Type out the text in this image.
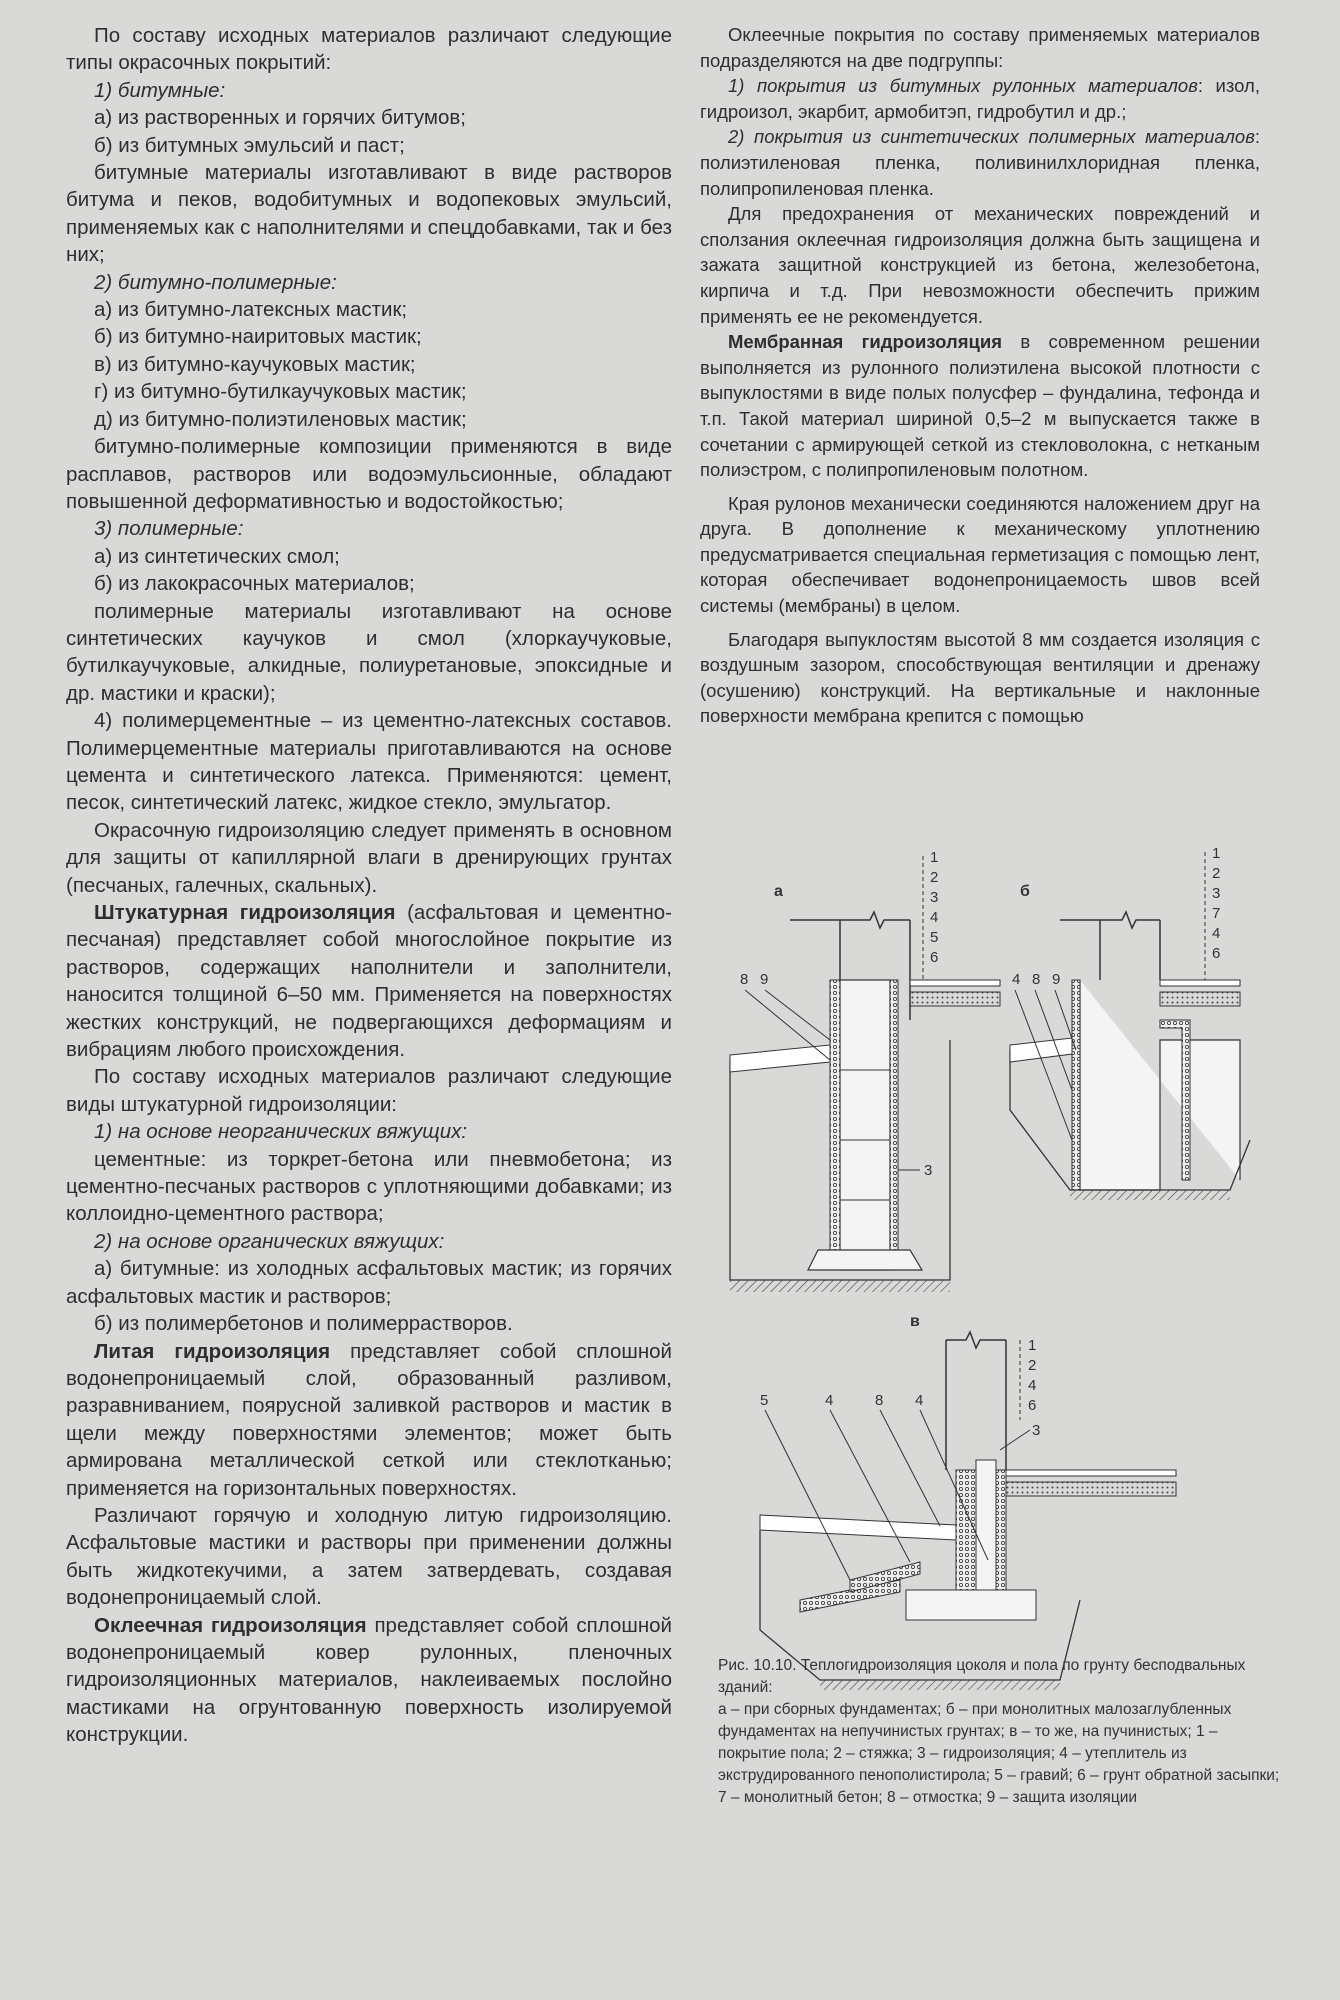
По составу исходных материалов различают следующие типы окрасочных покрытий:

1) битумные:

а) из растворенных и горячих битумов;

б) из битумных эмульсий и паст;

битумные материалы изготавливают в виде растворов битума и пеков, водобитумных и водопековых эмульсий, применяемых как с наполнителями и спецдобавками, так и без них;

2) битумно-полимерные:

а) из битумно-латексных мастик;

б) из битумно-наиритовых мастик;

в) из битумно-каучуковых мастик;

г) из битумно-бутилкаучуковых мастик;

д) из битумно-полиэтиленовых мастик;

битумно-полимерные композиции применяются в виде расплавов, растворов или водоэмульсионные, обладают повышенной деформативностью и водостойкостью;

3) полимерные:

а) из синтетических смол;

б) из лакокрасочных материалов;

полимерные материалы изготавливают на основе синтетических каучуков и смол (хлоркаучуковые, бутилкаучуковые, алкидные, полиуретановые, эпоксидные и др. мастики и краски);

4) полимерцементные – из цементно-латексных составов. Полимерцементные материалы приготавливаются на основе цемента и синтетического латекса. Применяются: цемент, песок, синтетический латекс, жидкое стекло, эмульгатор.

Окрасочную гидроизоляцию следует применять в основном для защиты от капиллярной влаги в дренирующих грунтах (песчаных, галечных, скальных).

Штукатурная гидроизоляция (асфальтовая и цементно-песчаная) представляет собой многослойное покрытие из растворов, содержащих наполнители и заполнители, наносится толщиной 6–50 мм. Применяется на поверхностях жестких конструкций, не подвергающихся деформациям и вибрациям любого происхождения.

По составу исходных материалов различают следующие виды штукатурной гидроизоляции:

1) на основе неорганических вяжущих:

цементные: из торкрет-бетона или пневмобетона; из цементно-песчаных растворов с уплотняющими добавками; из коллоидно-цементного раствора;

2) на основе органических вяжущих:

а) битумные: из холодных асфальтовых мастик; из горячих асфальтовых мастик и растворов;

б) из полимербетонов и полимеррастворов.

Литая гидроизоляция представляет собой сплошной водонепроницаемый слой, образованный разливом, разравниванием, поярусной заливкой растворов и мастик в щели между поверхностями элементов; может быть армирована металлической сеткой или стеклотканью; применяется на горизонтальных поверхностях.

Различают горячую и холодную литую гидроизоляцию. Асфальтовые мастики и растворы при применении должны быть жидкотекучими, а затем затвердевать, создавая водонепроницаемый слой.

Оклеечная гидроизоляция представляет собой сплошной водонепроницаемый ковер рулонных, пленочных гидроизоляционных материалов, наклеиваемых послойно мастиками на огрунтованную поверхность изолируемой конструкции.

Оклеечные покрытия по составу применяемых материалов подразделяются на две подгруппы:

1) покрытия из битумных рулонных материалов: изол, гидроизол, экарбит, армобитэп, гидробутил и др.;

2) покрытия из синтетических полимерных материалов: полиэтиленовая пленка, поливинилхлоридная пленка, полипропиленовая пленка.

Для предохранения от механических повреждений и сползания оклеечная гидроизоляция должна быть защищена и зажата защитной конструкцией из бетона, железобетона, кирпича и т.д. При невозможности обеспечить прижим применять ее не рекомендуется.

Мембранная гидроизоляция в современном решении выполняется из рулонного полиэтилена высокой плотности с выпуклостями в виде полых полусфер – фундалина, тефонда и т.п. Такой материал шириной 0,5–2 м выпускается также в сочетании с армирующей сеткой из стекловолокна, с нетканым полиэстром, с полипропиленовым полотном.

Края рулонов механически соединяются наложением друг на друга. В дополнение к механическому уплотнению предусматривается специальная герметизация с помощью лент, которая обеспечивает водонепроницаемость швов всей системы (мембраны) в целом.

Благодаря выпуклостям высотой 8 мм создается изоляция с воздушным зазором, способствующая вентиляции и дренажу (осушению) конструкций. На вертикальные и наклонные поверхности мембрана крепится с помощью

а
1
2
3
4
5
6
8 9
3
б
1
2
3
7
4
6
4 8 9
в
1
2
4
6
5	4	8 4
3

Рис. 10.10. Теплогидроизоляция цоколя и пола по грунту бесподвальных зданий:

а – при сборных фундаментах; б – при монолитных малозаглубленных фундаментах на непучинистых грунтах; в – то же, на пучинистых; 1 – покрытие пола; 2 – стяжка; 3 – гидроизоляция; 4 – утеплитель из экструдированного пенополистирола; 5 – гравий; 6 – грунт обратной засыпки; 7 – монолитный бетон; 8 – отмостка; 9 – защита изоляции
